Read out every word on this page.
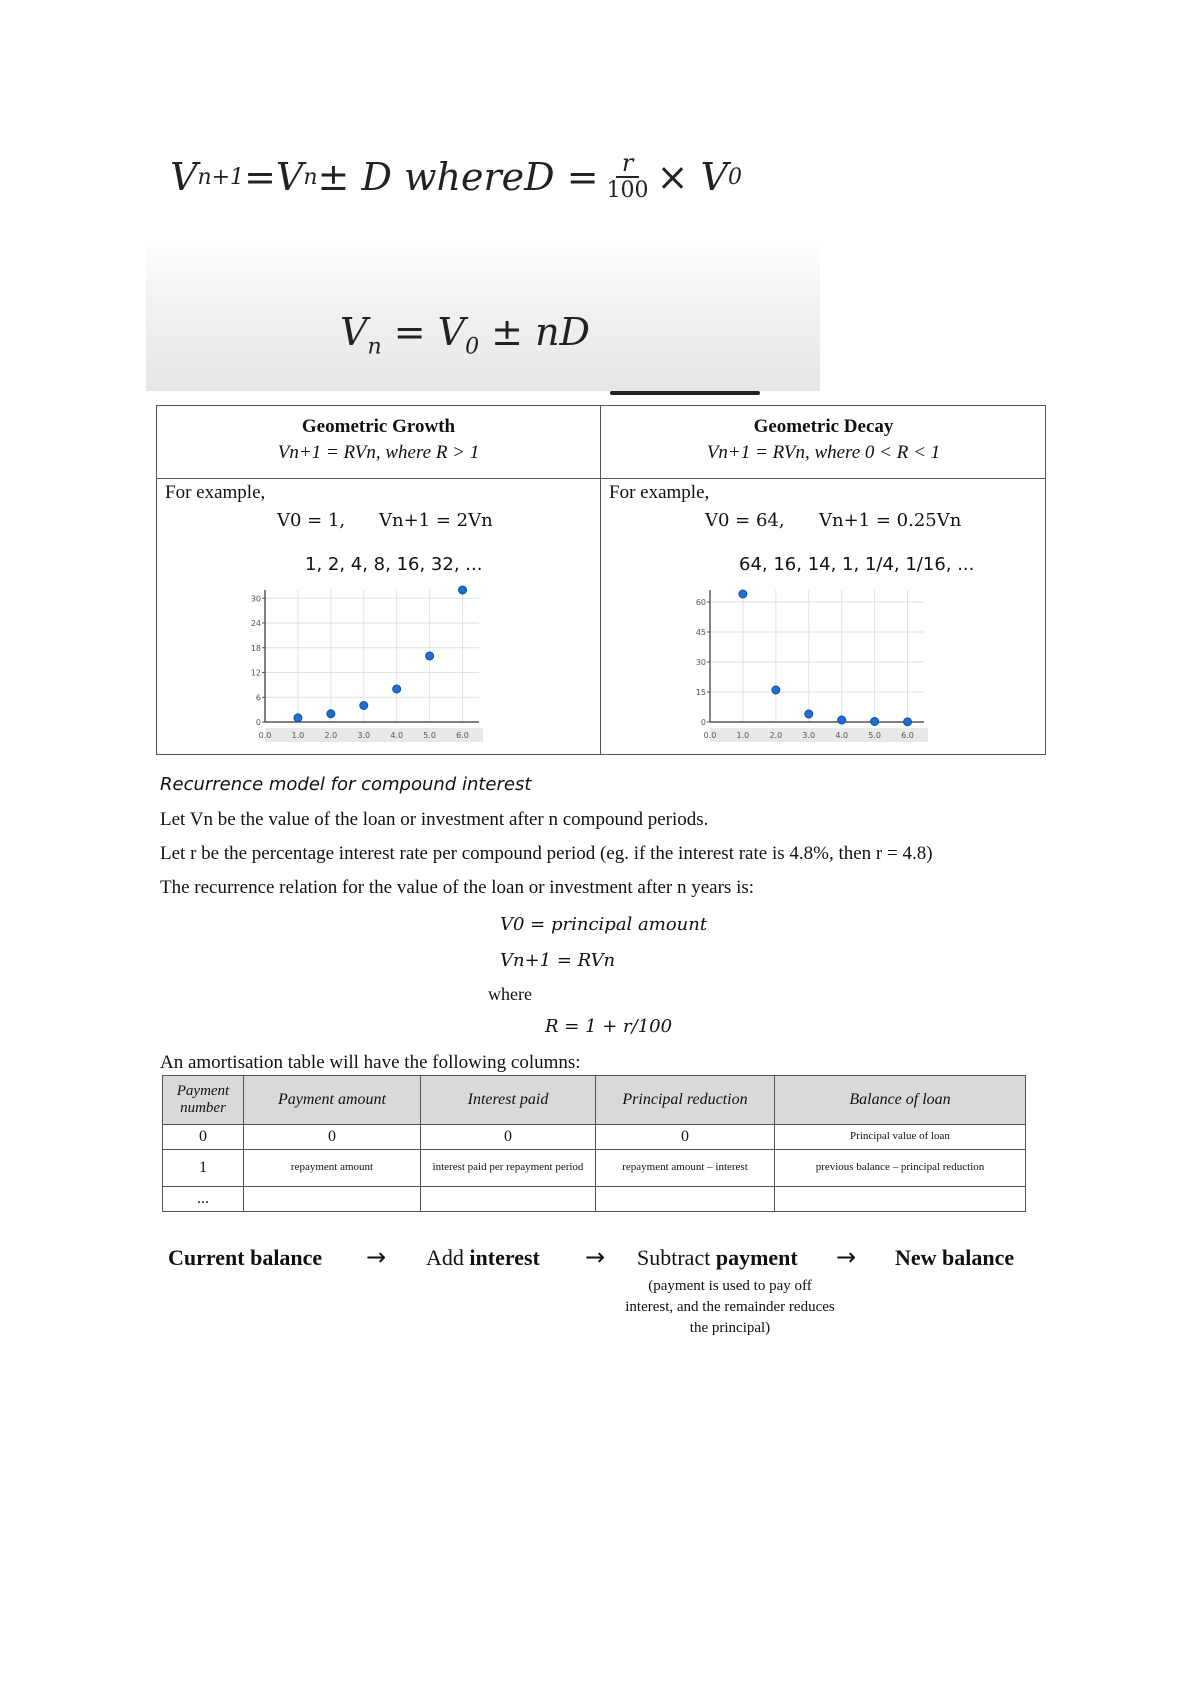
V n+1 = V n ± D
where $D = \frac{r}{100} \times V$ 0
$V_n = V_0$ ± nD
Geometric Growth
Vn+1 = RVn, where R > 1
Geometric Decay
Vn+1 = RVn, where 0 < R < 1
For example,
V0 = 1, Vn+1 = 2Vn
1, 2, 4, 8, 16, 32, ...
For example,
V0 = 64, Vn+1 = 0.25Vn
64, 16, 14, 1, 1/4, 1/16, ...
0.0	1.0	2.0	3.0	4.0	5.0	6.0
0
6
12
18
24
30
0.0	1.0	2.0	3.0	4.0	5.0	6.0
0
15
30
45
60
Recurrence model for compound interest
Let Vn be the value of the loan or investment after n compound periods.
Let r be the percentage interest rate per compound period (eg. if the interest rate is 4.8%, then r = 4.8)
The recurrence relation for the value of the loan or investment after n years is:
V0 = principal amount
Vn+1 = RVn
where
R = 1 + r/100
An amortisation table will have the following columns:
Payment number	Payment amount	Interest paid	Principal reduction	Balance of loan
0	0	0	0	Principal value of loan
1	repayment amount	interest paid per repayment period	repayment amount – interest	previous balance – principal reduction
...				
Current balance → Add interest → Subtract payment → New balance
(payment is used to pay off interest, and the remainder reduces the principal)
